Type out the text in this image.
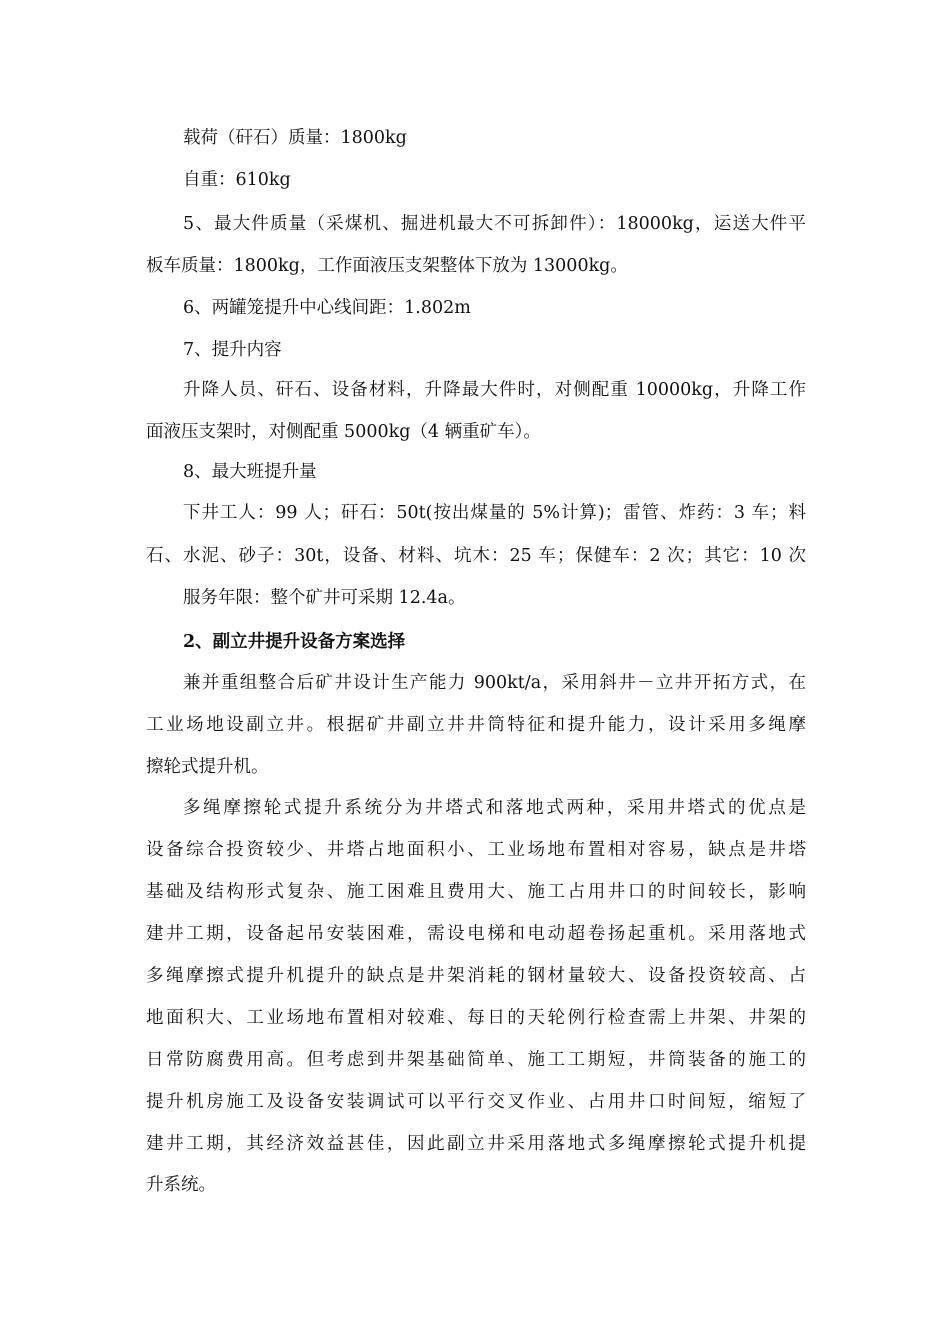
载荷（矸石）质量：1800kg
自重：610kg
5、最大件质量（采煤机、掘进机最大不可拆卸件）：18000kg，运送大件平
板车质量：1800kg，工作面液压支架整体下放为 13000kg。
6、两罐笼提升中心线间距：1.802m
7、提升内容
升降人员、矸石、设备材料，升降最大件时，对侧配重 10000kg，升降工作
面液压支架时，对侧配重 5000kg（4 辆重矿车）。
8、最大班提升量
下井工人：99 人；矸石：50t(按出煤量的 5%计算)；雷管、炸药：3 车；料
石、水泥、砂子：30t，设备、材料、坑木：25 车；保健车：2 次；其它：10 次
服务年限：整个矿井可采期 12.4a。
2、副立井提升设备方案选择
兼并重组整合后矿井设计生产能力 900kt/a，采用斜井－立井开拓方式，在
工业场地设副立井。根据矿井副立井井筒特征和提升能力，设计采用多绳摩
擦轮式提升机。
多绳摩擦轮式提升系统分为井塔式和落地式两种，采用井塔式的优点是
设备综合投资较少、井塔占地面积小、工业场地布置相对容易，缺点是井塔
基础及结构形式复杂、施工困难且费用大、施工占用井口的时间较长，影响
建井工期，设备起吊安装困难，需设电梯和电动超卷扬起重机。采用落地式
多绳摩擦式提升机提升的缺点是井架消耗的钢材量较大、设备投资较高、占
地面积大、工业场地布置相对较难、每日的天轮例行检查需上井架、井架的
日常防腐费用高。但考虑到井架基础简单、施工工期短，井筒装备的施工的
提升机房施工及设备安装调试可以平行交叉作业、占用井口时间短，缩短了
建井工期，其经济效益甚佳，因此副立井采用落地式多绳摩擦轮式提升机提
升系统。
